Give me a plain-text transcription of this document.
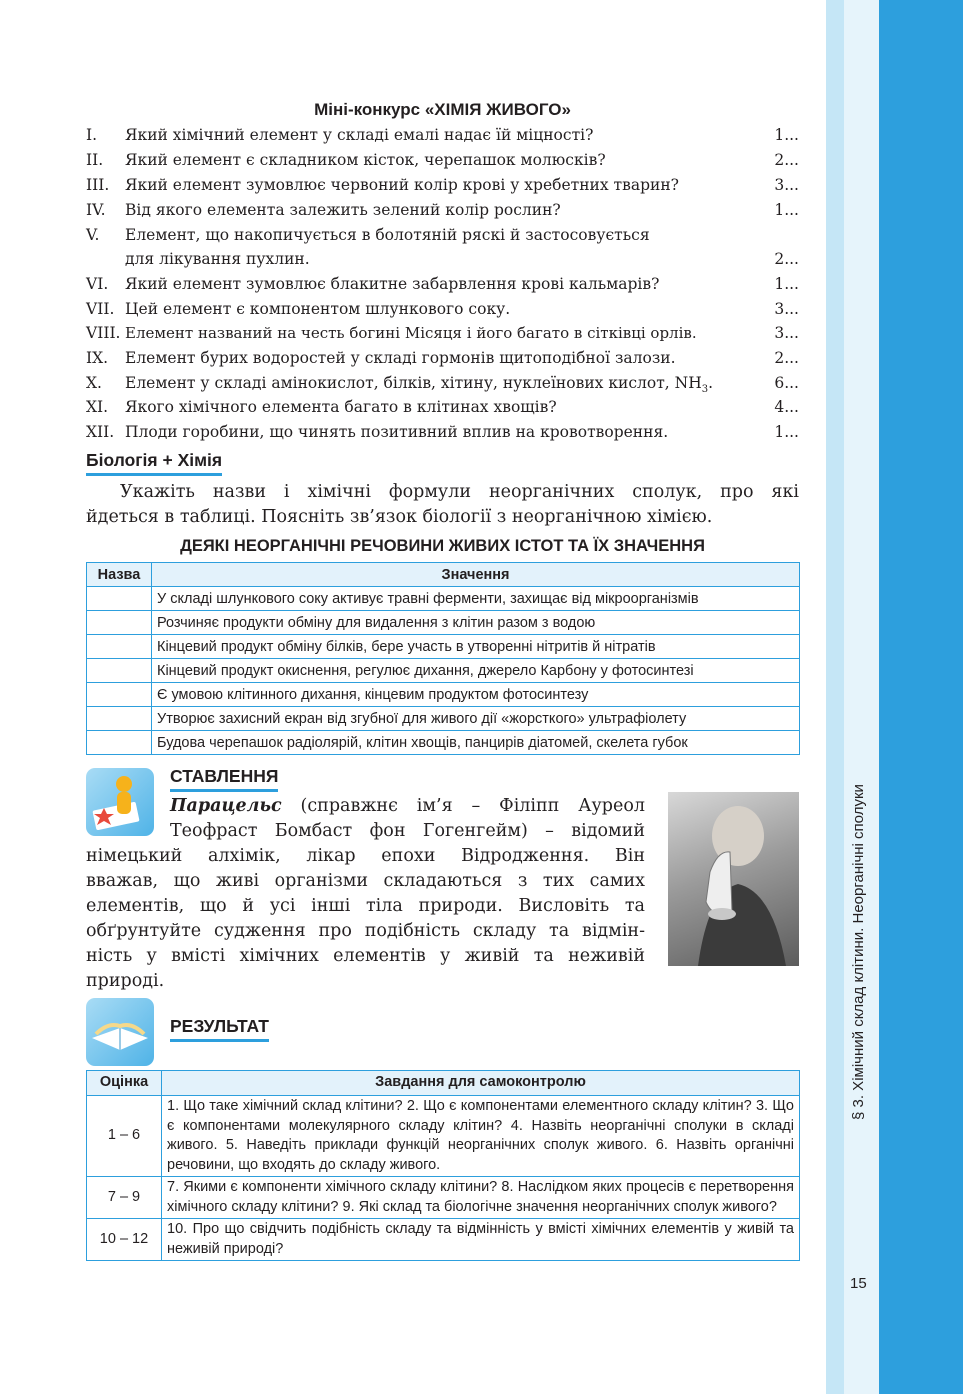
§ 3. Хімічний склад клітини. Неорганічні сполуки
15
Міні-конкурс «ХІМІЯ ЖИВОГО»
I. Який хімічний елемент у складі емалі надає їй міцності?	1...
II. Який елемент є складником кісток, черепашок молюсків?	2...
III. Який елемент зумовлює червоний колір крові у хребетних тварин?	3...
IV. Від якого елемента залежить зелений колір рослин?	1...
V. Елемент, що накопичується в болотяній ряскі й застосовується
для лікування пухлин.	2...
VI. Який елемент зумовлює блакитне забарвлення крові кальмарів?	1...
VII. Цей елемент є компонентом шлункового соку.	3...
VIII. Елемент названий на честь богині Місяця і його багато в сітківці орлів.	3...
IX. Елемент бурих водоростей у складі гормонів щитоподібної залози.	2...
X. Елемент у складі амінокислот, білків, хітину, нуклеїнових кислот, $NH_3$.	6...
XI. Якого хімічного елемента багато в клітинах хвощів?	4...
XII. Плоди горобини, що чинять позитивний вплив на кровотворення.	1...
Біологія + Хімія
Укажіть назви і хімічні формули неорганічних сполук, про які
йдеться в таблиці. Поясніть зв’язок біології з неорганічною хімією.
ДЕЯКІ НЕОРГАНІЧНІ РЕЧОВИНИ ЖИВИХ ІСТОТ ТА ЇХ ЗНАЧЕННЯ
Назва	Значення
	У складі шлункового соку активує травні ферменти, захищає від мікроорганізмів
	Розчиняє продукти обміну для видалення з клітин разом з водою
	Кінцевий продукт обміну білків, бере участь в утворенні нітритів й нітратів
	Кінцевий продукт окиснення, регулює дихання, джерело Карбону у фотосинтезі
	Є умовою клітинного дихання, кінцевим продуктом фотосинтезу
	Утворює захисний екран від згубної для живого дії «жорсткого» ультрафіолету
	Будова черепашок радіолярій, клітин хвощів, панцирів діатомей, скелета губок
СТАВЛЕННЯ
Парацельс (справжнє ім’я – Філіпп Ауреол
Теофраст Бомбаст фон Гогенгейм) – відомий
німецький алхімік, лікар епохи Відродження. Він
вважав, що живі організми складаються з тих самих
елементів, що й усі інші тіла природи. Висловіть та
обґрунтуйте судження про подібність складу та відмін-
ність у вмісті хімічних елементів у живій та неживій
природі.
РЕЗУЛЬТАТ
Оцінка	Завдання для самоконтролю
1 – 6	1. Що таке хімічний склад клітини? 2. Що є компонентами елементного складу клітин? 3. Що є компонентами молекулярного складу клітин? 4. Назвіть неорганічні сполуки в складі живого. 5. Наведіть приклади функцій неорганічних сполук живого. 6. Назвіть органічні речовини, що входять до складу живого.
7 – 9	7. Якими є компоненти хімічного складу клітини? 8. Наслідком яких процесів є перетворення хімічного складу клітини? 9. Які склад та біологічне значення неорганічних сполук живого?
10 – 12	10. Про що свідчить подібність складу та відмінність у вмісті хімічних елементів у живій та неживій природі?
